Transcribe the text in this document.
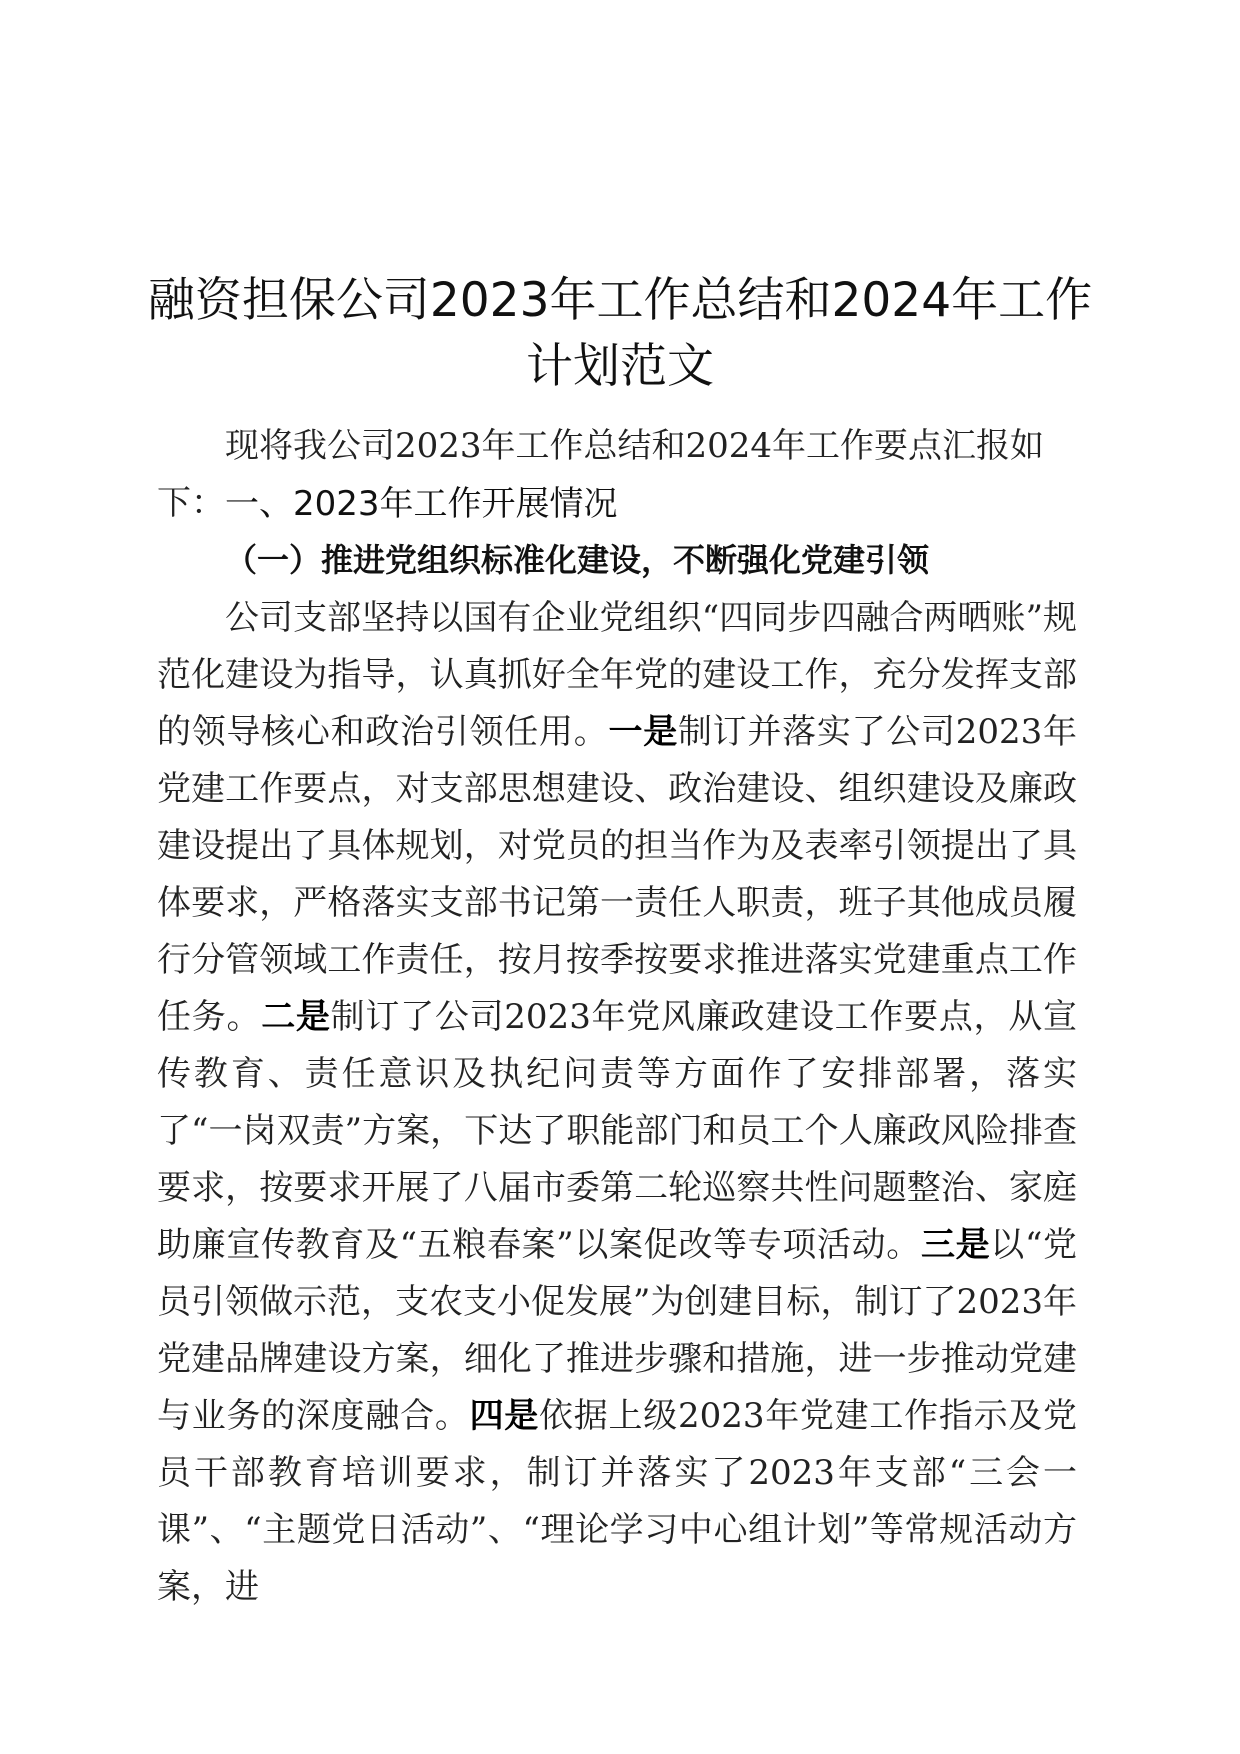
融资担保公司2023年工作总结和2024年工作
计划范文

现将我公司2023年工作总结和2024年工作要点汇报如下： 一、2023年工作开展情况

（一）推进党组织标准化建设，不断强化党建引领

公司支部坚持以国有企业党组织“四同步四融合两晒账”规范化建设为指导，认真抓好全年党的建设工作，充分发挥支部的领导核心和政治引领任用。一是制订并落实了公司2023年党建工作要点，对支部思想建设、政治建设、组织建设及廉政建设提出了具体规划，对党员的担当作为及表率引领提出了具体要求，严格落实支部书记第一责任人职责，班子其他成员履行分管领域工作责任，按月按季按要求推进落实党建重点工作任务。二是制订了公司2023年党风廉政建设工作要点，从宣传教育、责任意识及执纪问责等方面作了安排部署，落实了“一岗双责”方案，下达了职能部门和员工个人廉政风险排查要求，按要求开展了八届市委第二轮巡察共性问题整治、家庭助廉宣传教育及“五粮春案”以案促改等专项活动。三是以“党员引领做示范，支农支小促发展”为创建目标，制订了2023年党建品牌建设方案，细化了推进步骤和措施，进一步推动党建与业务的深度融合。四是依据上级2023年党建工作指示及党员干部教育培训要求，制订并落实了2023年支部“三会一课”、“主题党日活动”、“理论学习中心组计划”等常规活动方案，进
